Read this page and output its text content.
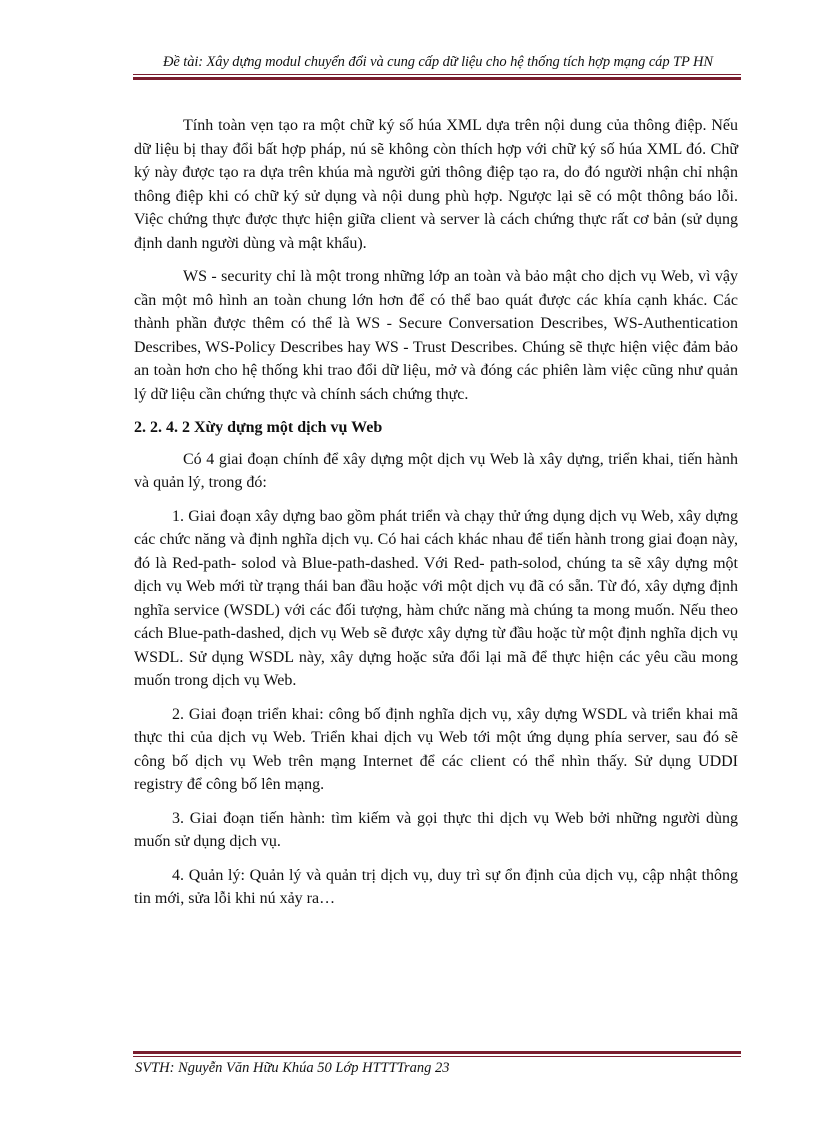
Đề tài: Xây dựng modul chuyển đổi và cung cấp dữ liệu cho hệ thống tích hợp mạng cáp TP HN

Tính toàn vẹn tạo ra một chữ ký số húa XML dựa trên nội dung của thông điệp. Nếu dữ liệu bị thay đổi bất hợp pháp, nú sẽ không còn thích hợp với chữ ký số húa XML đó. Chữ ký này được tạo ra dựa trên khúa mà người gửi thông điệp tạo ra, do đó người nhận chỉ nhận thông điệp khi có chữ ký sử dụng và nội dung phù hợp. Ngược lại sẽ có một thông báo lỗi. Việc chứng thực được thực hiện giữa client và server là cách chứng thực rất cơ bản (sử dụng định danh người dùng và mật khẩu).

WS - security chỉ là một trong những lớp an toàn và bảo mật cho dịch vụ Web, vì vậy cần một mô hình an toàn chung lớn hơn để có thể bao quát được các khía cạnh khác. Các thành phần được thêm có thể là WS - Secure Conversation Describes, WS-Authentication Describes, WS-Policy Describes hay WS - Trust Describes. Chúng sẽ thực hiện việc đảm bảo an toàn hơn cho hệ thống khi trao đổi dữ liệu, mở và đóng các phiên làm việc cũng như quản lý dữ liệu cần chứng thực và chính sách chứng thực.

2. 2. 4. 2 Xừy dựng một dịch vụ Web

Có 4 giai đoạn chính để xây dựng một dịch vụ Web là xây dựng, triển khai, tiến hành và quản lý, trong đó:

1. Giai đoạn xây dựng bao gồm phát triển và chạy thử ứng dụng dịch vụ Web, xây dựng các chức năng và định nghĩa dịch vụ. Có hai cách khác nhau để tiến hành trong giai đoạn này, đó là Red-path- solod và Blue-path-dashed. Với Red- path-solod, chúng ta sẽ xây dựng một dịch vụ Web mới từ trạng thái ban đầu hoặc với một dịch vụ đã có sẵn. Từ đó, xây dựng định nghĩa service (WSDL) với các đối tượng, hàm chức năng mà chúng ta mong muốn. Nếu theo cách Blue-path-dashed, dịch vụ Web sẽ được xây dựng từ đầu hoặc từ một định nghĩa dịch vụ WSDL. Sử dụng WSDL này, xây dựng hoặc sửa đổi lại mã để thực hiện các yêu cầu mong muốn trong dịch vụ Web.

2. Giai đoạn triển khai: công bố định nghĩa dịch vụ, xây dựng WSDL và triển khai mã thực thi của dịch vụ Web. Triển khai dịch vụ Web tới một ứng dụng phía server, sau đó sẽ công bố dịch vụ Web trên mạng Internet để các client có thể nhìn thấy. Sử dụng UDDI registry để công bố lên mạng.

3. Giai đoạn tiến hành: tìm kiếm và gọi thực thi dịch vụ Web bởi những người dùng muốn sử dụng dịch vụ.

4. Quản lý: Quản lý và quản trị dịch vụ, duy trì sự ổn định của dịch vụ, cập nhật thông tin mới, sửa lỗi khi nú xảy ra…

SVTH: Nguyễn Văn Hữu Khúa 50 Lớp HTTTTrang 23
